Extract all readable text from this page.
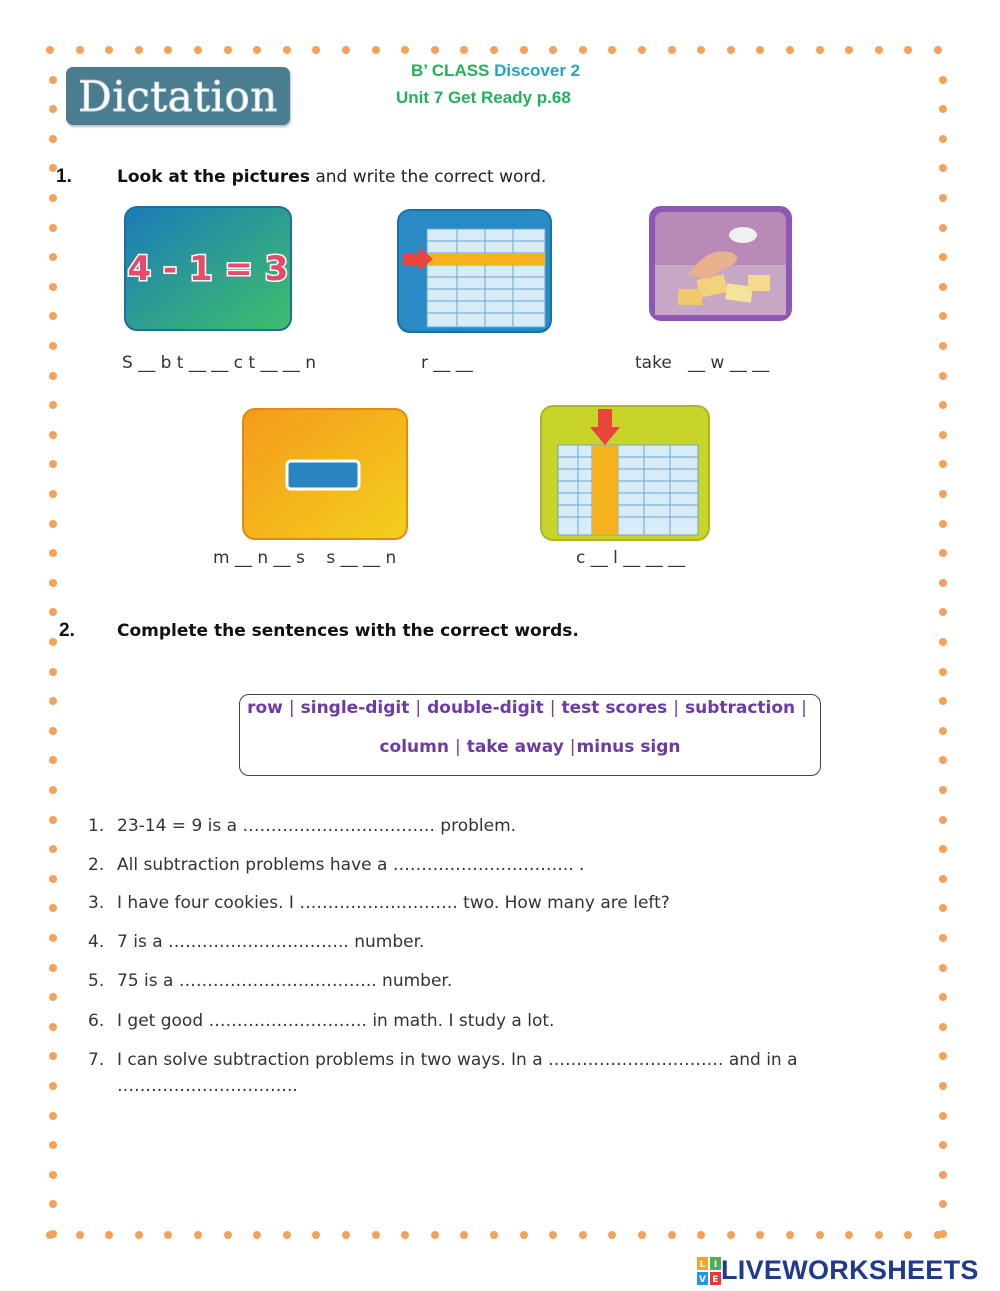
Dictation
B’ CLASS Discover 2
Unit 7 Get Ready p.68
1.	Look at the pictures and write the correct word.
4 - 1 = 3
S __ b t __ __ c t __ __ n	r __ __	take   __ w __ __
m __ n __ s    s __ __ n	c __ l __ __ __
2. Complete the sentences with the correct words.
row | single-digit | double-digit | test scores | subtraction |
column | take away |minus sign
1. 23-14 = 9 is a ……………………………. problem.
2. All subtraction problems have a ………………………….. .
3. I have four cookies. I ………………………. two. How many are left?
4. 7 is a ………………………….. number.
5. 75 is a …………………………….. number.
6. I get good ………………………. in math. I study a lot.
7. I can solve subtraction problems in two ways. In a …………………………. and in a
…………………………..
L I
V E LIVEWORKSHEETS
